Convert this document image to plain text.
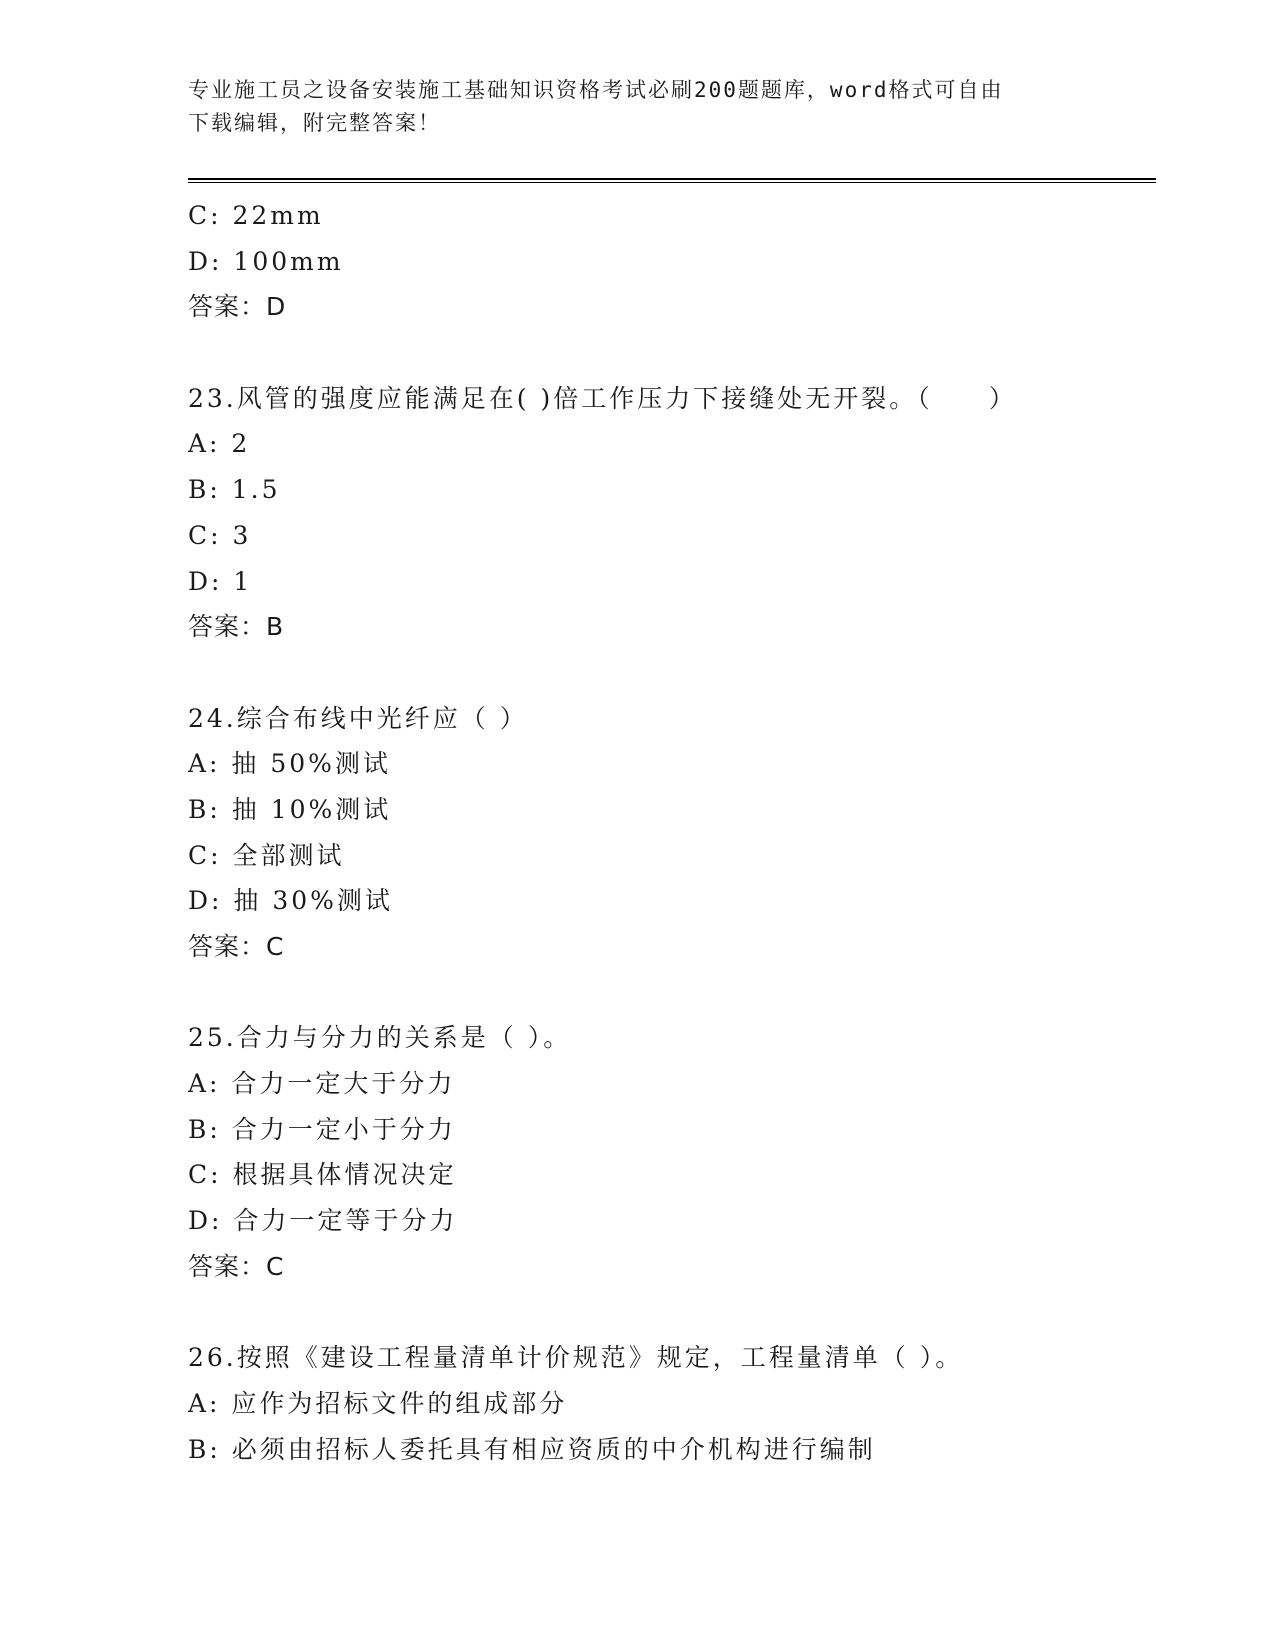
专业施工员之设备安装施工基础知识资格考试必刷200题题库，word格式可自由
下载编辑，附完整答案！
C: 22mm
D: 100mm
答案：D
23.风管的强度应能满足在( )倍工作压力下接缝处无开裂。（　　）
A: 2
B: 1.5
C: 3
D: 1
答案：B
24.综合布线中光纤应（ ）
A: 抽 50%测试
B: 抽 10%测试
C: 全部测试
D: 抽 30%测试
答案：C
25.合力与分力的关系是（ ）。
A: 合力一定大于分力
B: 合力一定小于分力
C: 根据具体情况决定
D: 合力一定等于分力
答案：C
26.按照《建设工程量清单计价规范》规定，工程量清单（ ）。
A: 应作为招标文件的组成部分
B: 必须由招标人委托具有相应资质的中介机构进行编制
